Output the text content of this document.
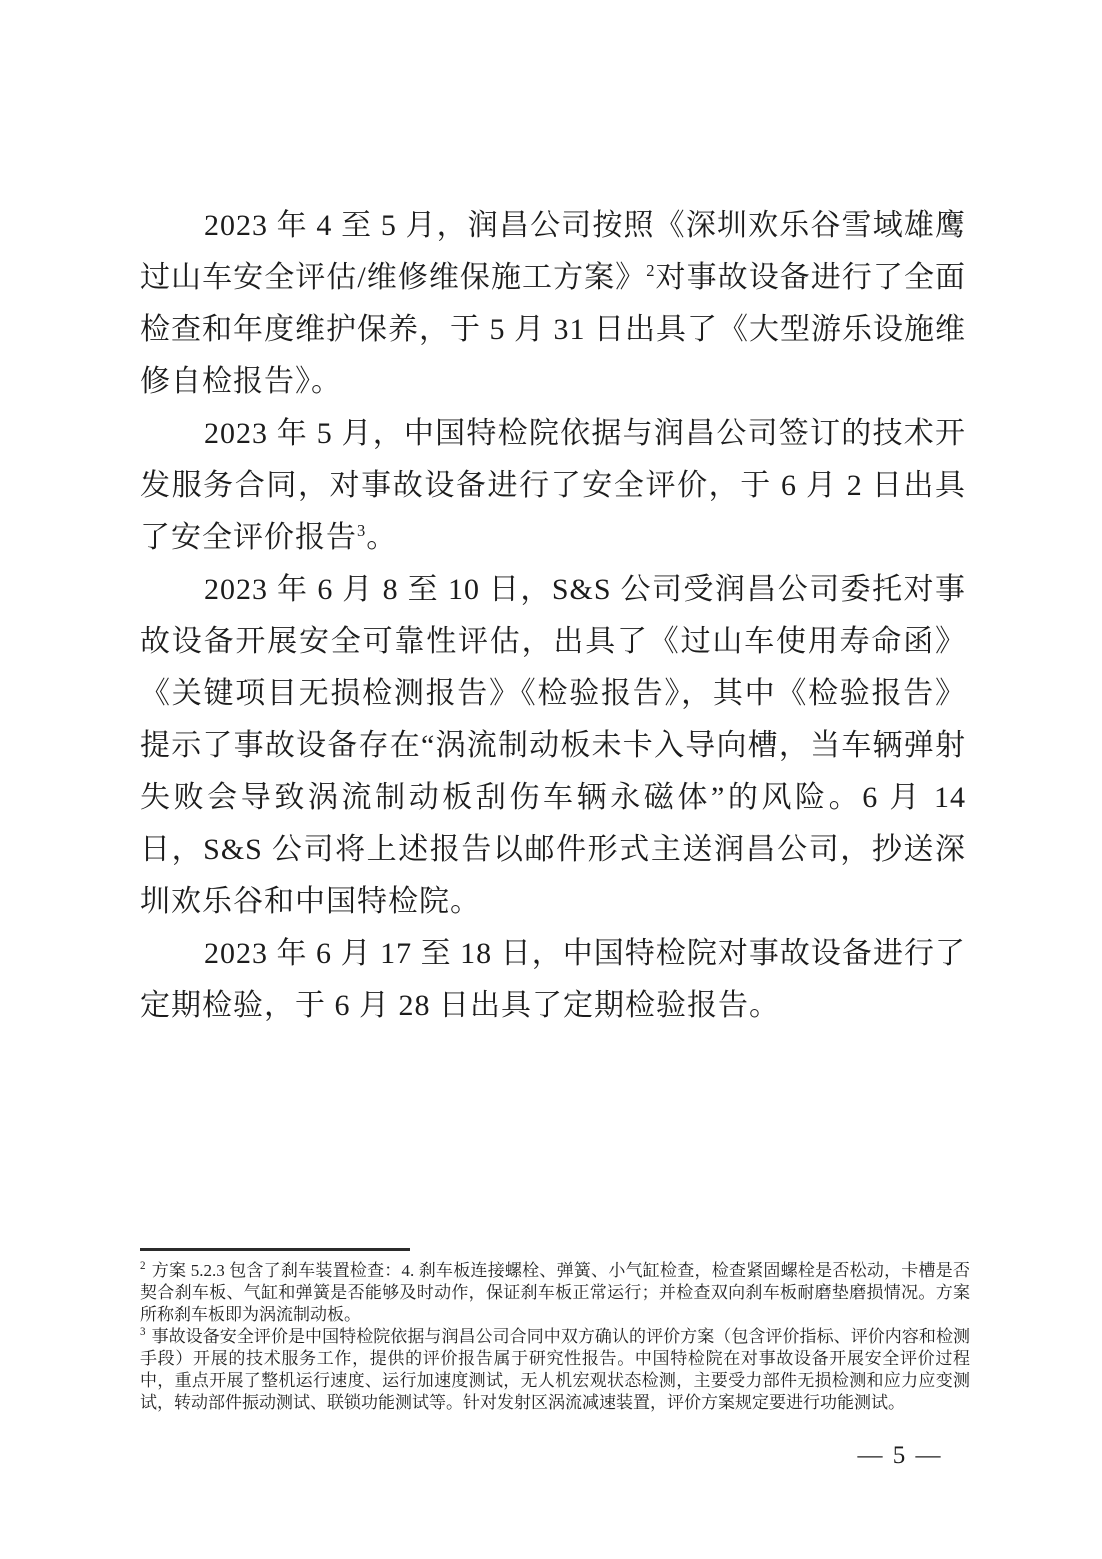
2023 年 4 至 5 月，润昌公司按照《深圳欢乐谷雪域雄鹰过山车安全评估/维修维保施工方案》$^2$对事故设备进行了全面检查和年度维护保养，于 5 月 31 日出具了《大型游乐设施维修自检报告》。

2023 年 5 月，中国特检院依据与润昌公司签订的技术开发服务合同，对事故设备进行了安全评价，于 6 月 2 日出具了安全评价报告$^3$。

2023 年 6 月 8 至 10 日，S&S 公司受润昌公司委托对事故设备开展安全可靠性评估，出具了《过山车使用寿命函》《关键项目无损检测报告》《检验报告》，其中《检验报告》提示了事故设备存在“涡流制动板未卡入导向槽，当车辆弹射失败会导致涡流制动板刮伤车辆永磁体”的风险。6 月 14 日，S&S 公司将上述报告以邮件形式主送润昌公司，抄送深圳欢乐谷和中国特检院。

2023 年 6 月 17 至 18 日，中国特检院对事故设备进行了定期检验，于 6 月 28 日出具了定期检验报告。

$^2$ 方案 5.2.3 包含了刹车装置检查：4. 刹车板连接螺栓、弹簧、小气缸检查，检查紧固螺栓是否松动，卡槽是否契合刹车板、气缸和弹簧是否能够及时动作，保证刹车板正常运行；并检查双向刹车板耐磨垫磨损情况。方案所称刹车板即为涡流制动板。

$^3$ 事故设备安全评价是中国特检院依据与润昌公司合同中双方确认的评价方案（包含评价指标、评价内容和检测手段）开展的技术服务工作，提供的评价报告属于研究性报告。中国特检院在对事故设备开展安全评价过程中，重点开展了整机运行速度、运行加速度测试，无人机宏观状态检测，主要受力部件无损检测和应力应变测试，转动部件振动测试、联锁功能测试等。针对发射区涡流减速装置，评价方案规定要进行功能测试。

— 5 —
